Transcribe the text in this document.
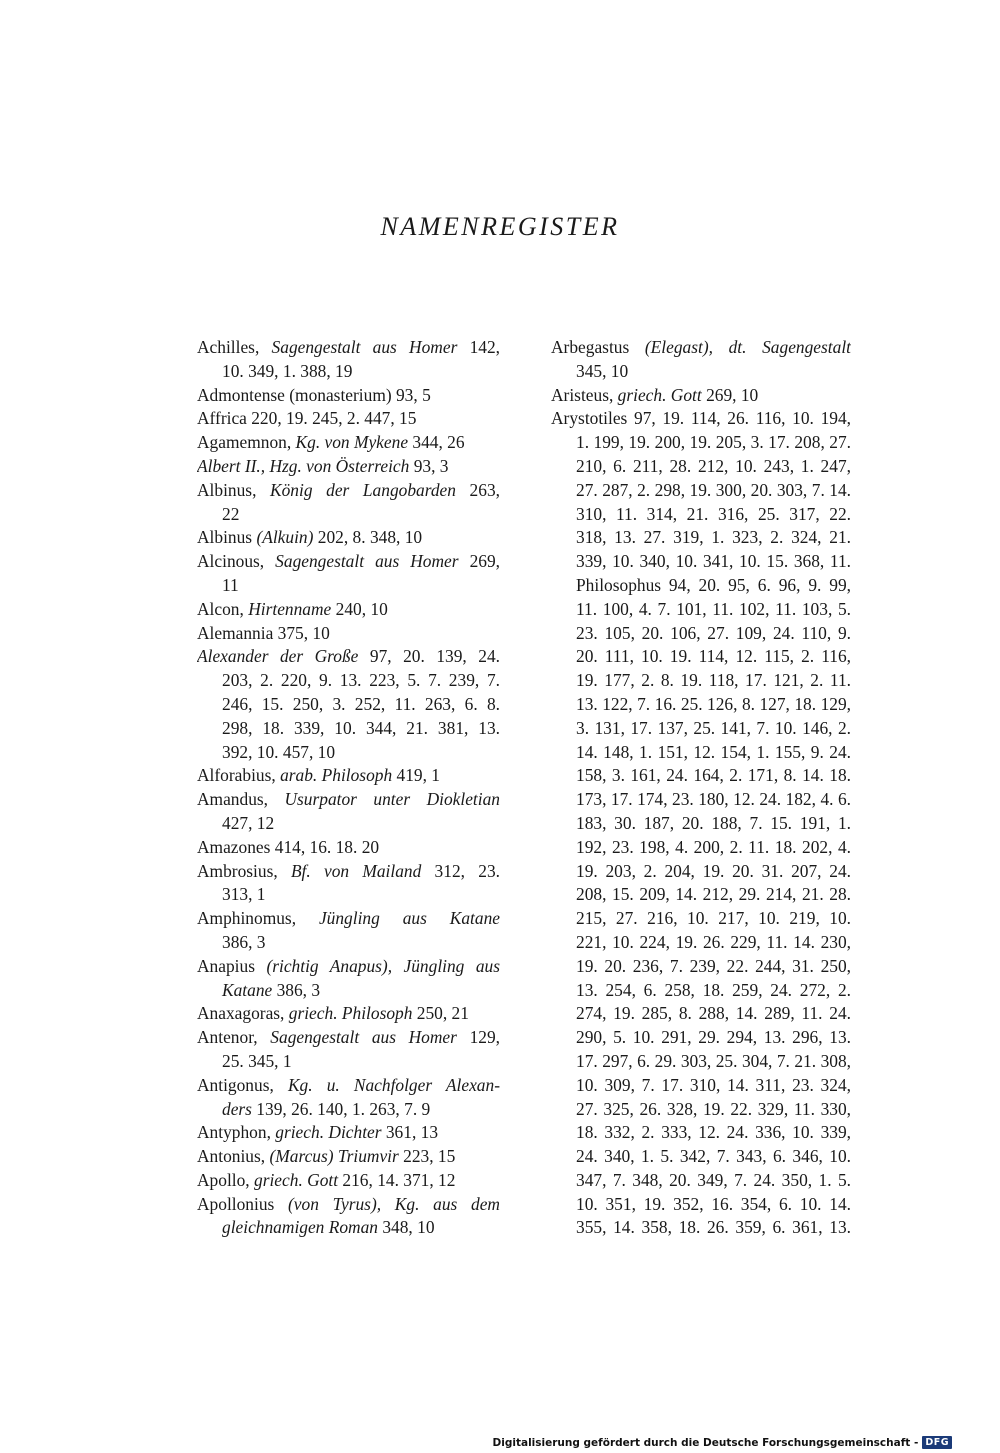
NAMENREGISTER
Achilles, Sagengestalt aus Homer 142,
10. 349, 1. 388, 19
Admontense (monasterium) 93, 5
Affrica 220, 19. 245, 2. 447, 15
Agamemnon, Kg. von Mykene 344, 26
Albert II., Hzg. von Österreich 93, 3
Albinus, König der Langobarden 263,
22
Albinus (Alkuin) 202, 8. 348, 10
Alcinous, Sagengestalt aus Homer 269,
11
Alcon, Hirtenname 240, 10
Alemannia 375, 10
Alexander der Große 97, 20. 139, 24.
203, 2. 220, 9. 13. 223, 5. 7. 239, 7.
246, 15. 250, 3. 252, 11. 263, 6. 8.
298, 18. 339, 10. 344, 21. 381, 13.
392, 10. 457, 10
Alforabius, arab. Philosoph 419, 1
Amandus, Usurpator unter Diokletian
427, 12
Amazones 414, 16. 18. 20
Ambrosius, Bf. von Mailand 312, 23.
313, 1
Amphinomus, Jüngling aus Katane
386, 3
Anapius (richtig Anapus), Jüngling aus
Katane 386, 3
Anaxagoras, griech. Philosoph 250, 21
Antenor, Sagengestalt aus Homer 129,
25. 345, 1
Antigonus, Kg. u. Nachfolger Alexan-
ders 139, 26. 140, 1. 263, 7. 9
Antyphon, griech. Dichter 361, 13
Antonius, (Marcus) Triumvir 223, 15
Apollo, griech. Gott 216, 14. 371, 12
Apollonius (von Tyrus), Kg. aus dem
gleichnamigen Roman 348, 10
Arbegastus (Elegast), dt. Sagengestalt
345, 10
Aristeus, griech. Gott 269, 10
Arystotiles 97, 19. 114, 26. 116, 10. 194,
1. 199, 19. 200, 19. 205, 3. 17. 208, 27.
210, 6. 211, 28. 212, 10. 243, 1. 247,
27. 287, 2. 298, 19. 300, 20. 303, 7. 14.
310, 11. 314, 21. 316, 25. 317, 22.
318, 13. 27. 319, 1. 323, 2. 324, 21.
339, 10. 340, 10. 341, 10. 15. 368, 11.
Philosophus 94, 20. 95, 6. 96, 9. 99,
11. 100, 4. 7. 101, 11. 102, 11. 103, 5.
23. 105, 20. 106, 27. 109, 24. 110, 9.
20. 111, 10. 19. 114, 12. 115, 2. 116,
19. 177, 2. 8. 19. 118, 17. 121, 2. 11.
13. 122, 7. 16. 25. 126, 8. 127, 18. 129,
3. 131, 17. 137, 25. 141, 7. 10. 146, 2.
14. 148, 1. 151, 12. 154, 1. 155, 9. 24.
158, 3. 161, 24. 164, 2. 171, 8. 14. 18.
173, 17. 174, 23. 180, 12. 24. 182, 4. 6.
183, 30. 187, 20. 188, 7. 15. 191, 1.
192, 23. 198, 4. 200, 2. 11. 18. 202, 4.
19. 203, 2. 204, 19. 20. 31. 207, 24.
208, 15. 209, 14. 212, 29. 214, 21. 28.
215, 27. 216, 10. 217, 10. 219, 10.
221, 10. 224, 19. 26. 229, 11. 14. 230,
19. 20. 236, 7. 239, 22. 244, 31. 250,
13. 254, 6. 258, 18. 259, 24. 272, 2.
274, 19. 285, 8. 288, 14. 289, 11. 24.
290, 5. 10. 291, 29. 294, 13. 296, 13.
17. 297, 6. 29. 303, 25. 304, 7. 21. 308,
10. 309, 7. 17. 310, 14. 311, 23. 324,
27. 325, 26. 328, 19. 22. 329, 11. 330,
18. 332, 2. 333, 12. 24. 336, 10. 339,
24. 340, 1. 5. 342, 7. 343, 6. 346, 10.
347, 7. 348, 20. 349, 7. 24. 350, 1. 5.
10. 351, 19. 352, 16. 354, 6. 10. 14.
355, 14. 358, 18. 26. 359, 6. 361, 13.
Digitalisierung gefördert durch die Deutsche Forschungsgemeinschaft - DFG
